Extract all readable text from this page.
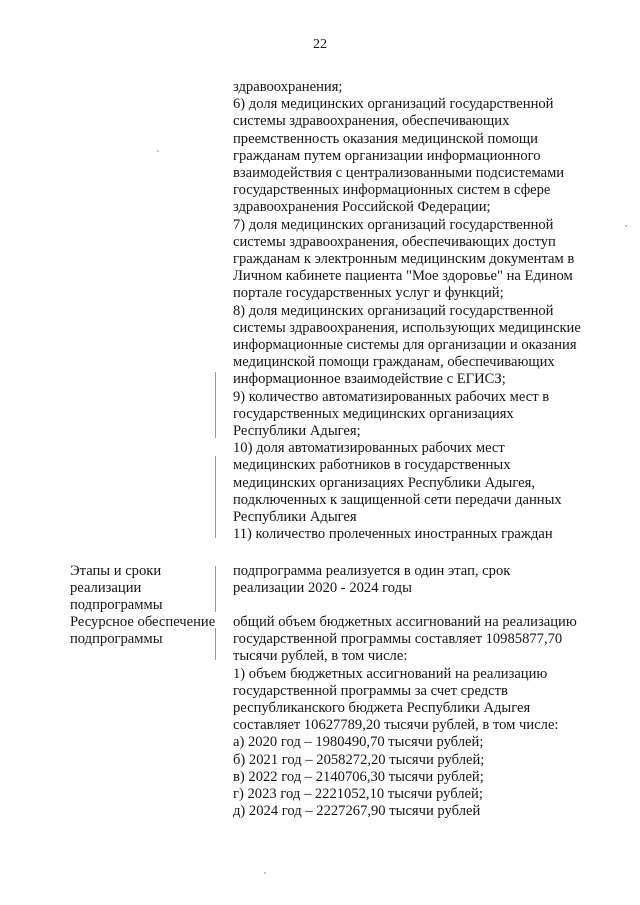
22
здравоохранения;
6) доля медицинских организаций государственной
системы здравоохранения, обеспечивающих
преемственность оказания медицинской помощи
гражданам путем организации информационного
взаимодействия с централизованными подсистемами
государственных информационных систем в сфере
здравоохранения Российской Федерации;
7) доля медицинских организаций государственной
системы здравоохранения, обеспечивающих доступ
гражданам к электронным медицинским документам в
Личном кабинете пациента "Мое здоровье" на Едином
портале государственных услуг и функций;
8) доля медицинских организаций государственной
системы здравоохранения, использующих медицинские
информационные системы для организации и оказания
медицинской помощи гражданам, обеспечивающих
информационное взаимодействие с ЕГИСЗ;
9) количество автоматизированных рабочих мест в
государственных медицинских организациях
Республики Адыгея;
10) доля автоматизированных рабочих мест
медицинских работников в государственных
медицинских организациях Республики Адыгея,
подключенных к защищенной сети передачи данных
Республики Адыгея
11) количество пролеченных иностранных граждан
Этапы и сроки
реализации
подпрограммы
подпрограмма реализуется в один этап, срок
реализации 2020 - 2024 годы
Ресурсное обеспечение
подпрограммы
общий объем бюджетных ассигнований на реализацию
государственной программы составляет 10985877,70
тысячи рублей, в том числе:
1) объем бюджетных ассигнований на реализацию
государственной программы за счет средств
республиканского бюджета Республики Адыгея
составляет 10627789,20 тысячи рублей, в том числе:
а) 2020 год – 1980490,70 тысячи рублей;
б) 2021 год – 2058272,20 тысячи рублей;
в) 2022 год – 2140706,30 тысячи рублей;
г) 2023 год – 2221052,10 тысячи рублей;
д) 2024 год – 2227267,90 тысячи рублей
